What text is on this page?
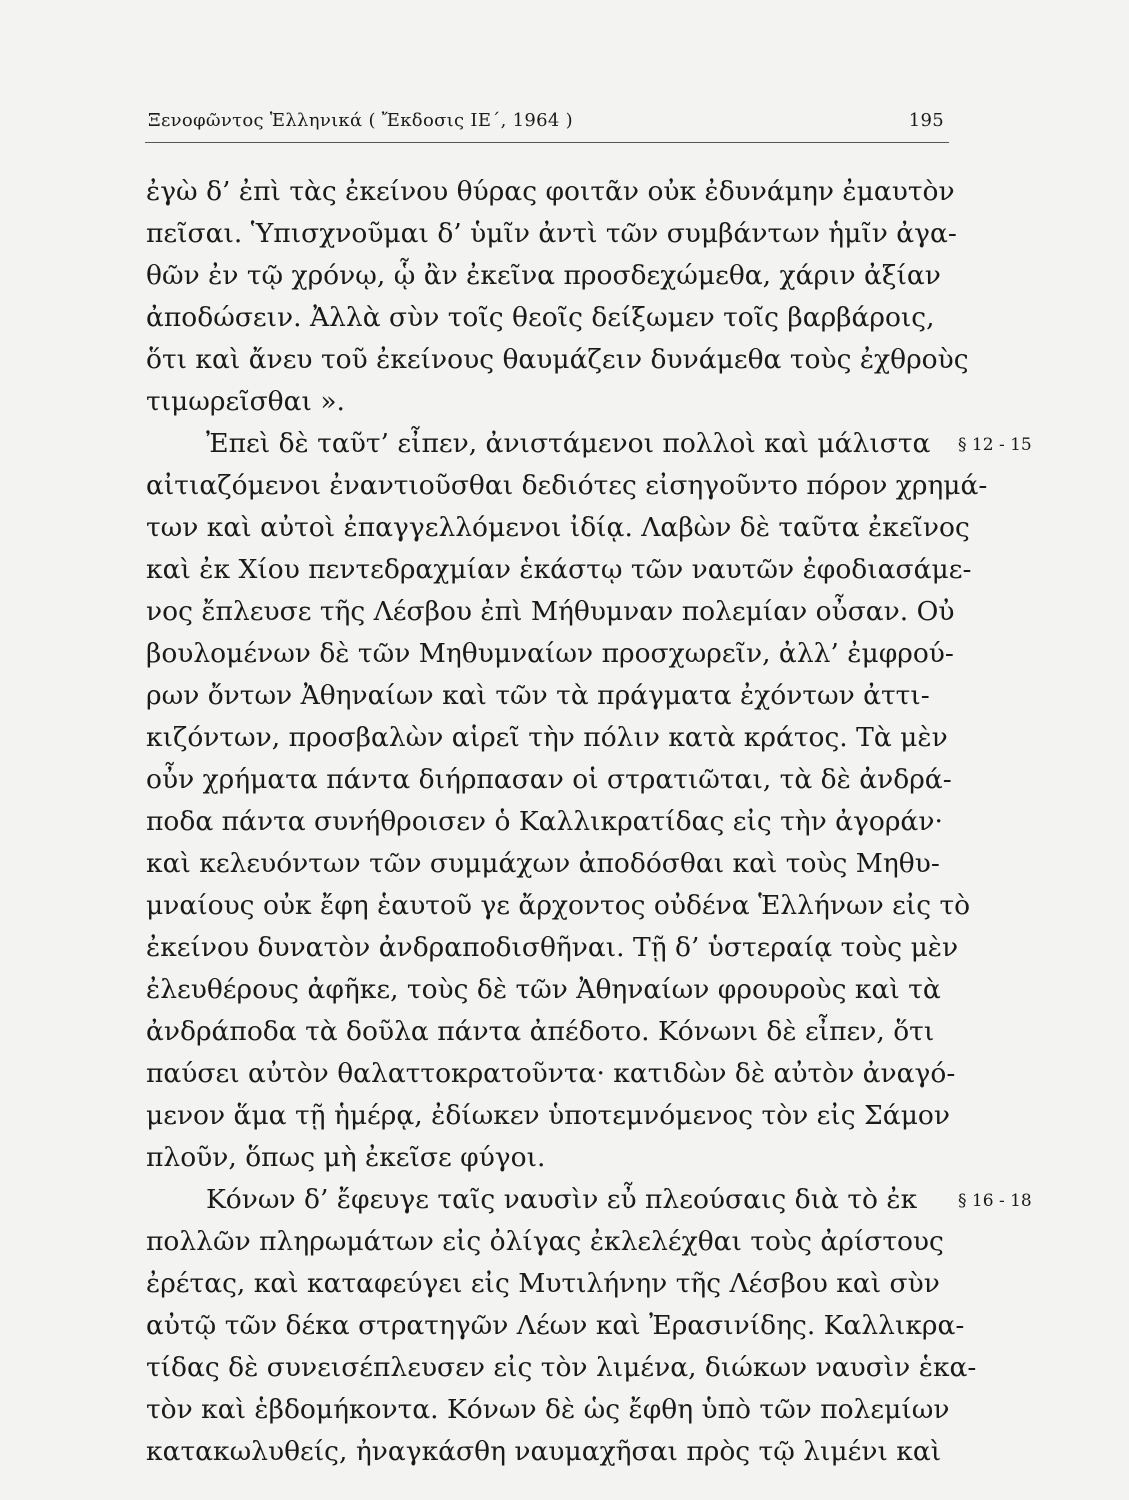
Ξενοφῶντος Ἑλληνικά ( Ἔκδοσις ΙΕ΄, 1964 )	195
ἐγὼ δ’ ἐπὶ τὰς ἐκείνου θύρας φοιτᾶν οὐκ ἐδυνάμην ἐμαυτὸν
πεῖσαι. Ὑπισχνοῦμαι δ’ ὑμῖν ἀντὶ τῶν συμβάντων ἡμῖν ἀγα-
θῶν ἐν τῷ χρόνῳ, ᾧ ἂν ἐκεῖνα προσδεχώμεθα, χάριν ἀξίαν
ἀποδώσειν. Ἀλλὰ σὺν τοῖς θεοῖς δείξωμεν τοῖς βαρβάροις,
ὅτι καὶ ἄνευ τοῦ ἐκείνους θαυμάζειν δυνάμεθα τοὺς ἐχθροὺς
τιμωρεῖσθαι ».
Ἐπεὶ δὲ ταῦτ’ εἶπεν, ἀνιστάμενοι πολλοὶ καὶ μάλιστα
αἰτιαζόμενοι ἐναντιοῦσθαι δεδιότες εἰσηγοῦντο πόρον χρημά-
των καὶ αὐτοὶ ἐπαγγελλόμενοι ἰδίᾳ. Λαβὼν δὲ ταῦτα ἐκεῖνος
καὶ ἐκ Χίου πεντεδραχμίαν ἑκάστῳ τῶν ναυτῶν ἐφοδιασάμε-
νος ἔπλευσε τῆς Λέσβου ἐπὶ Μήθυμναν πολεμίαν οὖσαν. Οὐ
βουλομένων δὲ τῶν Μηθυμναίων προσχωρεῖν, ἀλλ’ ἐμφρού-
ρων ὄντων Ἀθηναίων καὶ τῶν τὰ πράγματα ἐχόντων ἀττι-
κιζόντων, προσβαλὼν αἱρεῖ τὴν πόλιν κατὰ κράτος. Τὰ μὲν
οὖν χρήματα πάντα διήρπασαν οἱ στρατιῶται, τὰ δὲ ἀνδρά-
ποδα πάντα συνήθροισεν ὁ Καλλικρατίδας εἰς τὴν ἀγοράν·
καὶ κελευόντων τῶν συμμάχων ἀποδόσθαι καὶ τοὺς Μηθυ-
μναίους οὐκ ἔφη ἑαυτοῦ γε ἄρχοντος οὐδένα Ἑλλήνων εἰς τὸ
ἐκείνου δυνατὸν ἀνδραποδισθῆναι. Τῇ δ’ ὑστεραίᾳ τοὺς μὲν
ἐλευθέρους ἀφῆκε, τοὺς δὲ τῶν Ἀθηναίων φρουροὺς καὶ τὰ
ἀνδράποδα τὰ δοῦλα πάντα ἀπέδοτο. Κόνωνι δὲ εἶπεν, ὅτι
παύσει αὐτὸν θαλαττοκρατοῦντα· κατιδὼν δὲ αὐτὸν ἀναγό-
μενον ἅμα τῇ ἡμέρᾳ, ἐδίωκεν ὑποτεμνόμενος τὸν εἰς Σάμον
πλοῦν, ὅπως μὴ ἐκεῖσε φύγοι.
Κόνων δ’ ἔφευγε ταῖς ναυσὶν εὖ πλεούσαις διὰ τὸ ἐκ
πολλῶν πληρωμάτων εἰς ὀλίγας ἐκλελέχθαι τοὺς ἀρίστους
ἐρέτας, καὶ καταφεύγει εἰς Μυτιλήνην τῆς Λέσβου καὶ σὺν
αὐτῷ τῶν δέκα στρατηγῶν Λέων καὶ Ἐρασινίδης. Καλλικρα-
τίδας δὲ συνεισέπλευσεν εἰς τὸν λιμένα, διώκων ναυσὶν ἑκα-
τὸν καὶ ἑβδομήκοντα. Κόνων δὲ ὡς ἔφθη ὑπὸ τῶν πολεμίων
κατακωλυθείς, ἠναγκάσθη ναυμαχῆσαι πρὸς τῷ λιμένι καὶ
§ 12 - 15
§ 16 - 18
